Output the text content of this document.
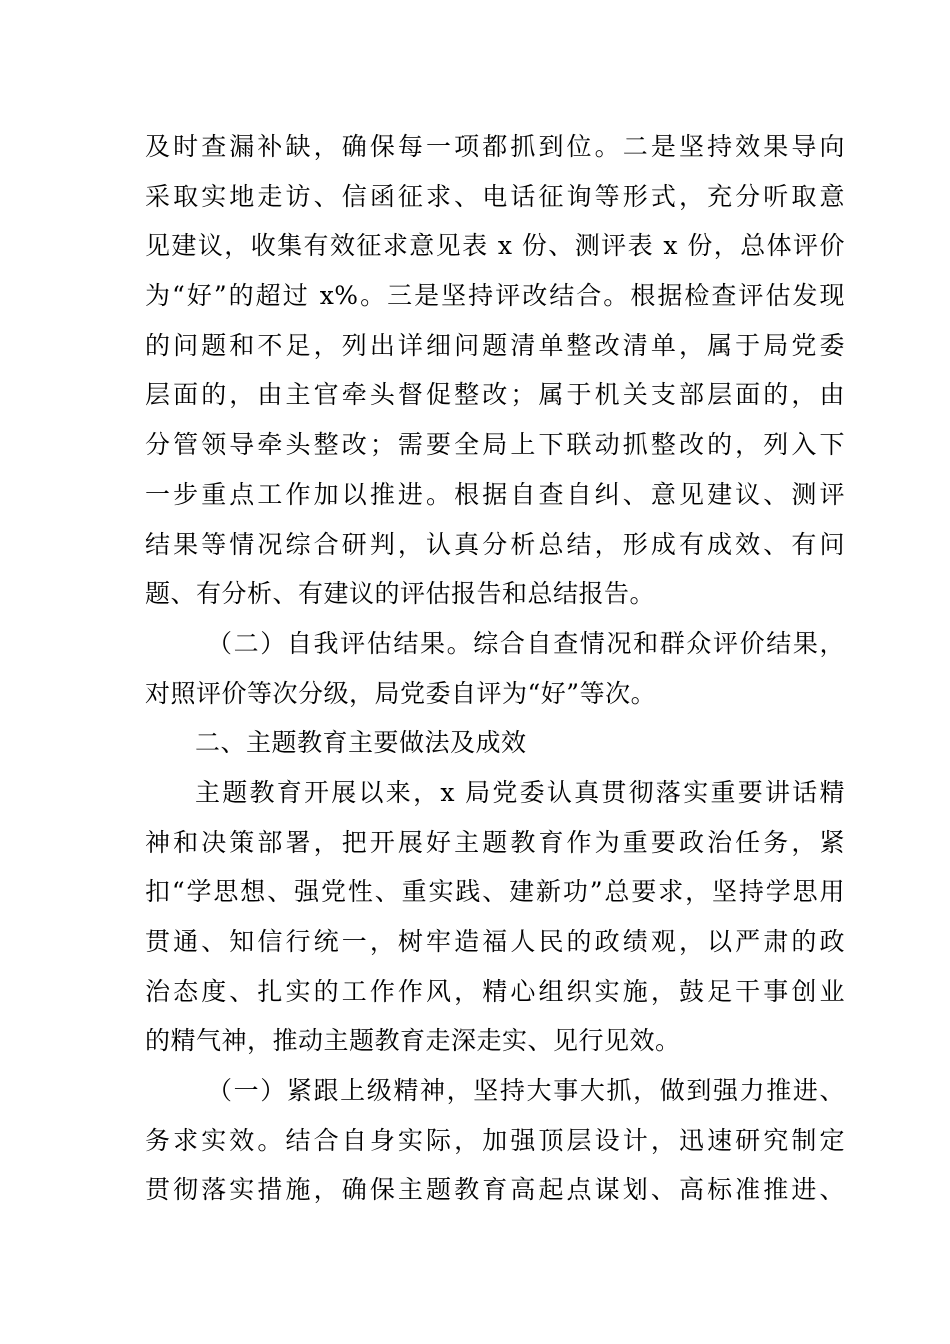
及时查漏补缺，确保每一项都抓到位。二是坚持效果导向
采取实地走访、信函征求、电话征询等形式，充分听取意
见建议，收集有效征求意见表 x 份、测评表 x 份，总体评价
为“好”的超过 x%。三是坚持评改结合。根据检查评估发现
的问题和不足，列出详细问题清单整改清单，属于局党委
层面的，由主官牵头督促整改；属于机关支部层面的，由
分管领导牵头整改；需要全局上下联动抓整改的，列入下
一步重点工作加以推进。根据自查自纠、意见建议、测评
结果等情况综合研判，认真分析总结，形成有成效、有问
题、有分析、有建议的评估报告和总结报告。
（二）自我评估结果。综合自查情况和群众评价结果，
对照评价等次分级，局党委自评为“好”等次。
二、主题教育主要做法及成效
主题教育开展以来，x 局党委认真贯彻落实重要讲话精
神和决策部署，把开展好主题教育作为重要政治任务，紧
扣“学思想、强党性、重实践、建新功”总要求，坚持学思用
贯通、知信行统一，树牢造福人民的政绩观，以严肃的政
治态度、扎实的工作作风，精心组织实施，鼓足干事创业
的精气神，推动主题教育走深走实、见行见效。
（一）紧跟上级精神，坚持大事大抓，做到强力推进、
务求实效。结合自身实际，加强顶层设计，迅速研究制定
贯彻落实措施，确保主题教育高起点谋划、高标准推进、
